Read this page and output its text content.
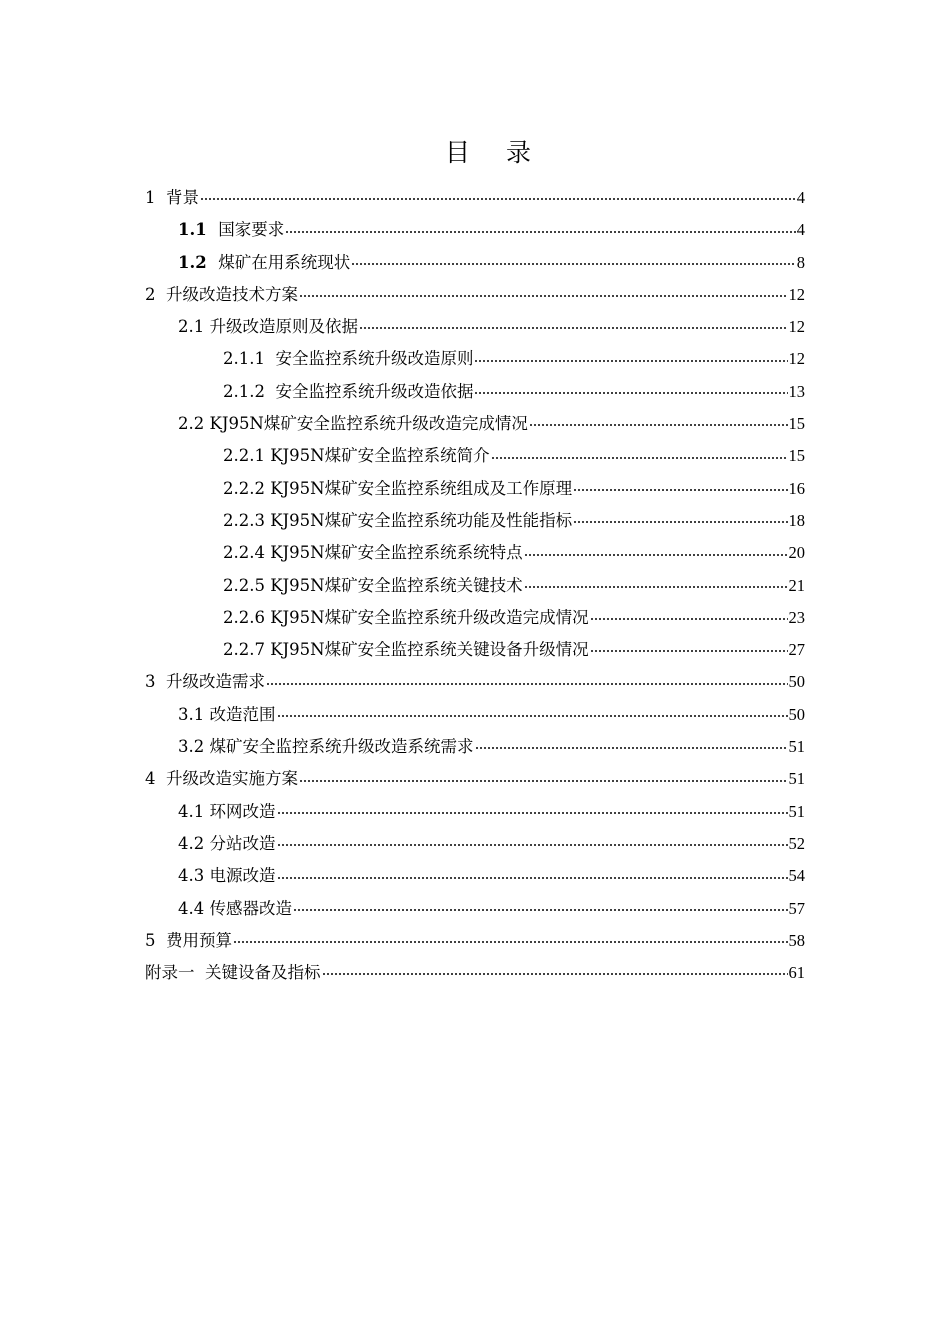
目 录
1 背景	4
1.1 国家要求	4
1.2 煤矿在用系统现状	8
2 升级改造技术方案	12
2.1 升级改造原则及依据	12
2.1.1 安全监控系统升级改造原则	12
2.1.2 安全监控系统升级改造依据	13
2.2 KJ95N煤矿安全监控系统升级改造完成情况	15
2.2.1 KJ95N煤矿安全监控系统简介	15
2.2.2 KJ95N煤矿安全监控系统组成及工作原理	16
2.2.3 KJ95N煤矿安全监控系统功能及性能指标	18
2.2.4 KJ95N煤矿安全监控系统系统特点	20
2.2.5 KJ95N煤矿安全监控系统关键技术	21
2.2.6 KJ95N煤矿安全监控系统升级改造完成情况	23
2.2.7 KJ95N煤矿安全监控系统关键设备升级情况	27
3 升级改造需求	50
3.1 改造范围	50
3.2 煤矿安全监控系统升级改造系统需求	51
4 升级改造实施方案	51
4.1 环网改造	51
4.2 分站改造	52
4.3 电源改造	54
4.4 传感器改造	57
5 费用预算	58
附录一  关键设备及指标	61
